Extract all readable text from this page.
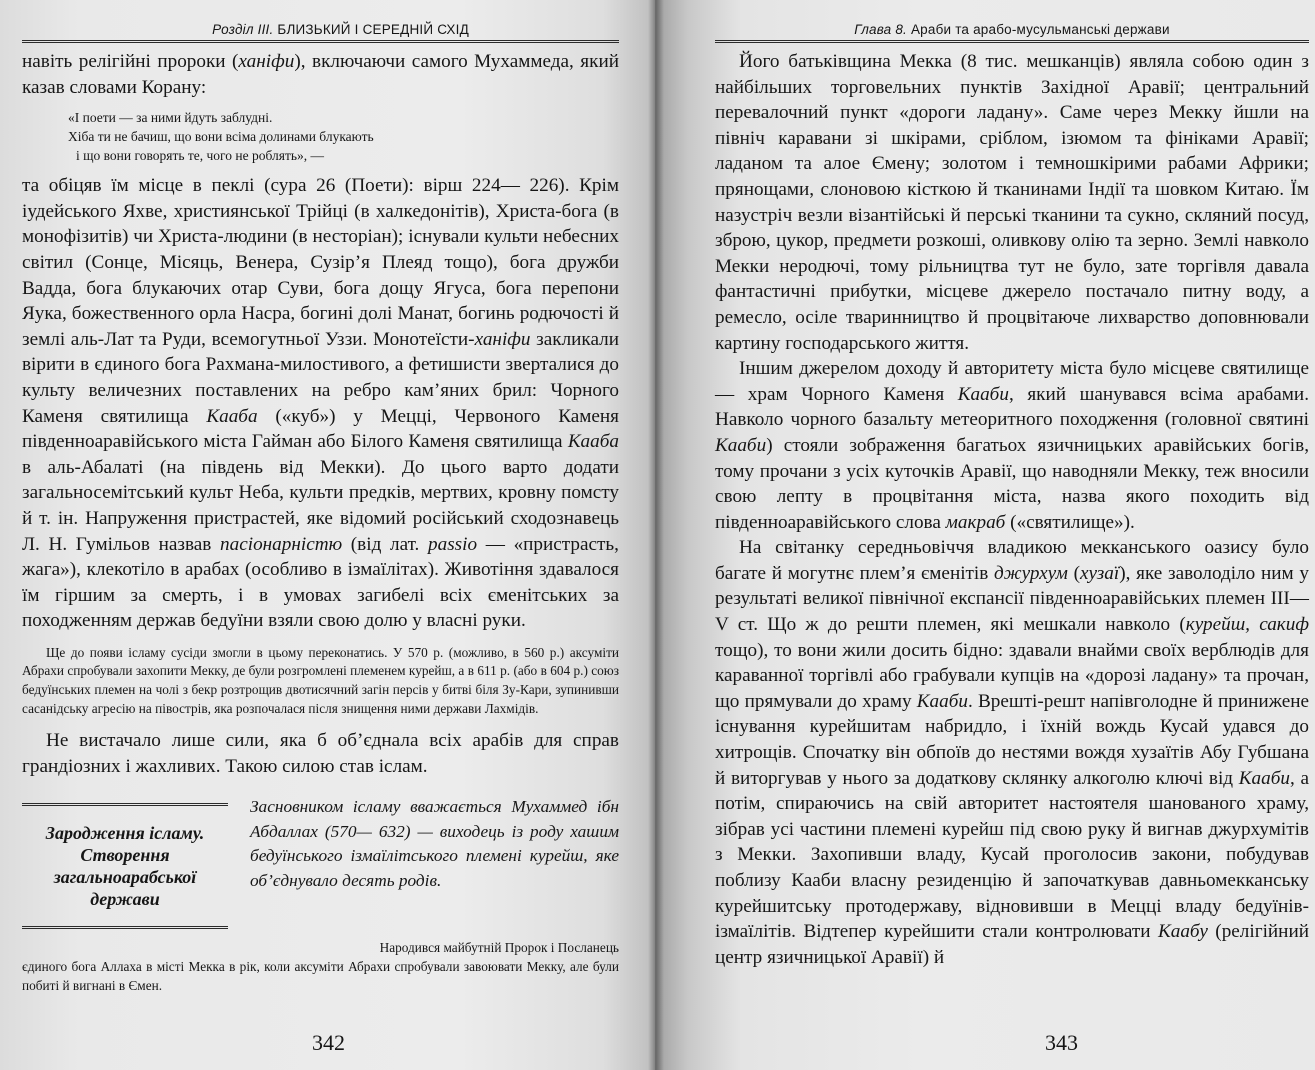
Розділ III. БЛИЗЬКИЙ І СЕРЕДНІЙ СХІД

навіть релігійні пророки (ханіфи), включаючи самого Мухаммеда, який казав словами Корану:

«І поети — за ними йдуть заблудні.
Хіба ти не бачиш, що вони всіма долинами блукають
і що вони говорять те, чого не роблять», —

та обіцяв їм місце в пеклі (сура 26 (Поети): вірш 224— 226). Крім іудейського Яхве, християнської Трійці (в халкедонітів), Христа-бога (в монофізитів) чи Христа-людини (в несторіан); існували культи небесних світил (Сонце, Місяць, Венера, Сузір’я Плеяд тощо), бога дружби Вадда, бога блукаючих отар Суви, бога дощу Ягуса, бога перепони Яука, божественного орла Насра, богині долі Манат, богинь родючості й землі аль-Лат та Руди, всемогутньої Уззи. Монотеїсти-ханіфи закликали вірити в єдиного бога Рахмана-милостивого, а фетишисти зверталися до культу величезних поставлених на ребро кам’яних брил: Чорного Каменя святилища Кааба («куб») у Мецці, Червоного Каменя південноаравійського міста Гайман або Білого Каменя святилища Кааба в аль-Абалаті (на південь від Мекки). До цього варто додати загальносемітський культ Неба, культи предків, мертвих, кровну помсту й т. ін. Напруження пристрастей, яке відомий російський сходознавець Л. Н. Гумільов назвав пасіонарністю (від лат. passio — «пристрасть, жага»), клекотіло в арабах (особливо в ізмаїлітах). Животіння здавалося їм гіршим за смерть, і в умовах загибелі всіх єменітських за походженням держав бедуїни взяли свою долю у власні руки.

Ще до появи ісламу сусіди змогли в цьому переконатись. У 570 р. (можливо, в 560 р.) аксуміти Абрахи спробували захопити Мекку, де були розгромлені племенем курейш, а в 611 р. (або в 604 р.) союз бедуїнських племен на чолі з бекр розтрощив двотисячний загін персів у битві біля Зу-Кари, зупинивши сасанідську агресію на півострів, яка розпочалася після знищення ними держави Лахмідів.

Не вистачало лише сили, яка б об’єднала всіх арабів для справ грандіозних і жахливих. Такою силою став іслам.

Зародження ісламу. Створення загальноарабської держави
Засновником ісламу вважається Мухаммед ібн Абдаллах (570— 632) — виходець із роду хашим бедуїнського ізмаїлітського племені курейш, яке об’єднувало десять родів.
Народився майбутній Пророк і Посланець
єдиного бога Аллаха в місті Мекка в рік, коли аксуміти Абрахи спробували завоювати Мекку, але були побиті й вигнані в Ємен.
342
Глава 8. Араби та арабо-мусульманські держави

Його батьківщина Мекка (8 тис. мешканців) являла собою один з найбільших торговельних пунктів Західної Аравії; центральний перевалочний пункт «дороги ладану». Саме через Мекку йшли на північ каравани зі шкірами, сріблом, ізюмом та фініками Аравії; ладаном та алое Ємену; золотом і темношкірими рабами Африки; прянощами, слоновою кісткою й тканинами Індії та шовком Китаю. Їм назустріч везли візантійські й перські тканини та сукно, скляний посуд, зброю, цукор, предмети розкоші, оливкову олію та зерно. Землі навколо Мекки неродючі, тому рільництва тут не було, зате торгівля давала фантастичні прибутки, місцеве джерело постачало питну воду, а ремесло, осіле тваринництво й процвітаюче лихварство доповнювали картину господарського життя.

Іншим джерелом доходу й авторитету міста було місцеве святилище — храм Чорного Каменя Кааби, який шанувався всіма арабами. Навколо чорного базальту метеоритного походження (головної святині Кааби) стояли зображення багатьох язичницьких аравійських богів, тому прочани з усіх куточків Аравії, що наводняли Мекку, теж вносили свою лепту в процвітання міста, назва якого походить від південноаравійського слова макраб («святилище»).

На світанку середньовіччя владикою мекканського оазису було багате й могутнє плем’я єменітів джурхум (хузаї), яке заволоділо ним у результаті великої північної експансії південноаравійських племен III—V ст. Що ж до решти племен, які мешкали навколо (курейш, сакиф тощо), то вони жили досить бідно: здавали внайми своїх верблюдів для караванної торгівлі або грабували купців на «дорозі ладану» та прочан, що прямували до храму Кааби. Врешті-решт напівголодне й принижене існування курейшитам набридло, і їхній вождь Кусай удався до хитрощів. Спочатку він обпоїв до нестями вождя хузаїтів Абу Губшана й виторгував у нього за додаткову склянку алкоголю ключі від Кааби, а потім, спираючись на свій авторитет настоятеля шанованого храму, зібрав усі частини племені курейш під свою руку й вигнав джурхумітів з Мекки. Захопивши владу, Кусай проголосив закони, побудував поблизу Кааби власну резиденцію й започаткував давньомекканську курейшитську протодержаву, відновивши в Мецці владу бедуїнів-ізмаїлітів. Відтепер курейшити стали контролювати Каабу (релігійний центр язичницької Аравії) й

343
